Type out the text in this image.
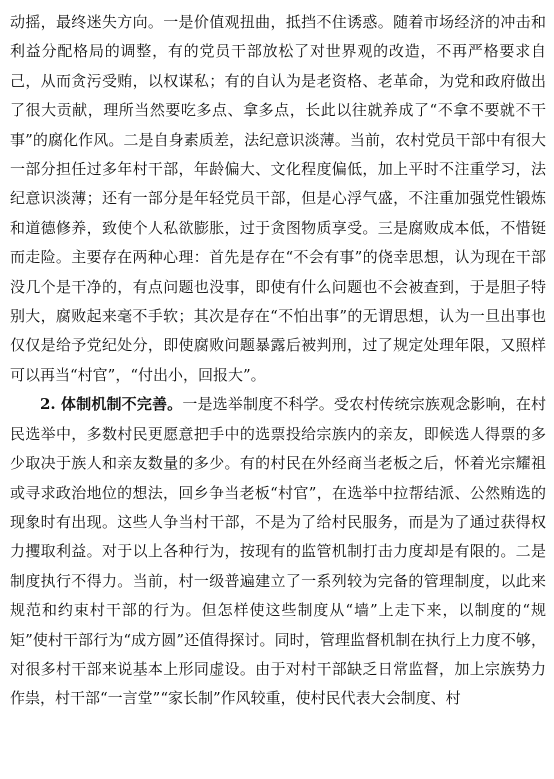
动摇，最终迷失方向。一是价值观扭曲，抵挡不住诱惑。随着市场经济的冲击和利益分配格局的调整，有的党员干部放松了对世界观的改造，不再严格要求自己，从而贪污受贿，以权谋私；有的自认为是老资格、老革命，为党和政府做出了很大贡献，理所当然要吃多点、拿多点，长此以往就养成了“不拿不要就不干事”的腐化作风。二是自身素质差，法纪意识淡薄。当前，农村党员干部中有很大一部分担任过多年村干部，年龄偏大、文化程度偏低，加上平时不注重学习，法纪意识淡薄；还有一部分是年轻党员干部，但是心浮气盛，不注重加强党性锻炼和道德修养，致使个人私欲膨胀，过于贪图物质享受。三是腐败成本低，不惜铤而走险。主要存在两种心理：首先是存在“不会有事”的侥幸思想，认为现在干部没几个是干净的，有点问题也没事，即使有什么问题也不会被查到，于是胆子特别大，腐败起来毫不手软；其次是存在“不怕出事”的无谓思想，认为一旦出事也仅仅是给予党纪处分，即使腐败问题暴露后被判刑，过了规定处理年限，又照样可以再当“村官”，“付出小，回报大”。

2. 体制机制不完善。一是选举制度不科学。受农村传统宗族观念影响，在村民选举中，多数村民更愿意把手中的选票投给宗族内的亲友，即候选人得票的多少取决于族人和亲友数量的多少。有的村民在外经商当老板之后，怀着光宗耀祖或寻求政治地位的想法，回乡争当老板“村官”，在选举中拉帮结派、公然贿选的现象时有出现。这些人争当村干部，不是为了给村民服务，而是为了通过获得权力攫取利益。对于以上各种行为，按现有的监管机制打击力度却是有限的。二是制度执行不得力。当前，村一级普遍建立了一系列较为完备的管理制度，以此来规范和约束村干部的行为。但怎样使这些制度从“墙”上走下来，以制度的“规矩”使村干部行为“成方圆”还值得探讨。同时，管理监督机制在执行上力度不够，对很多村干部来说基本上形同虚设。由于对村干部缺乏日常监督，加上宗族势力作祟，村干部“一言堂”“家长制”作风较重，使村民代表大会制度、村
